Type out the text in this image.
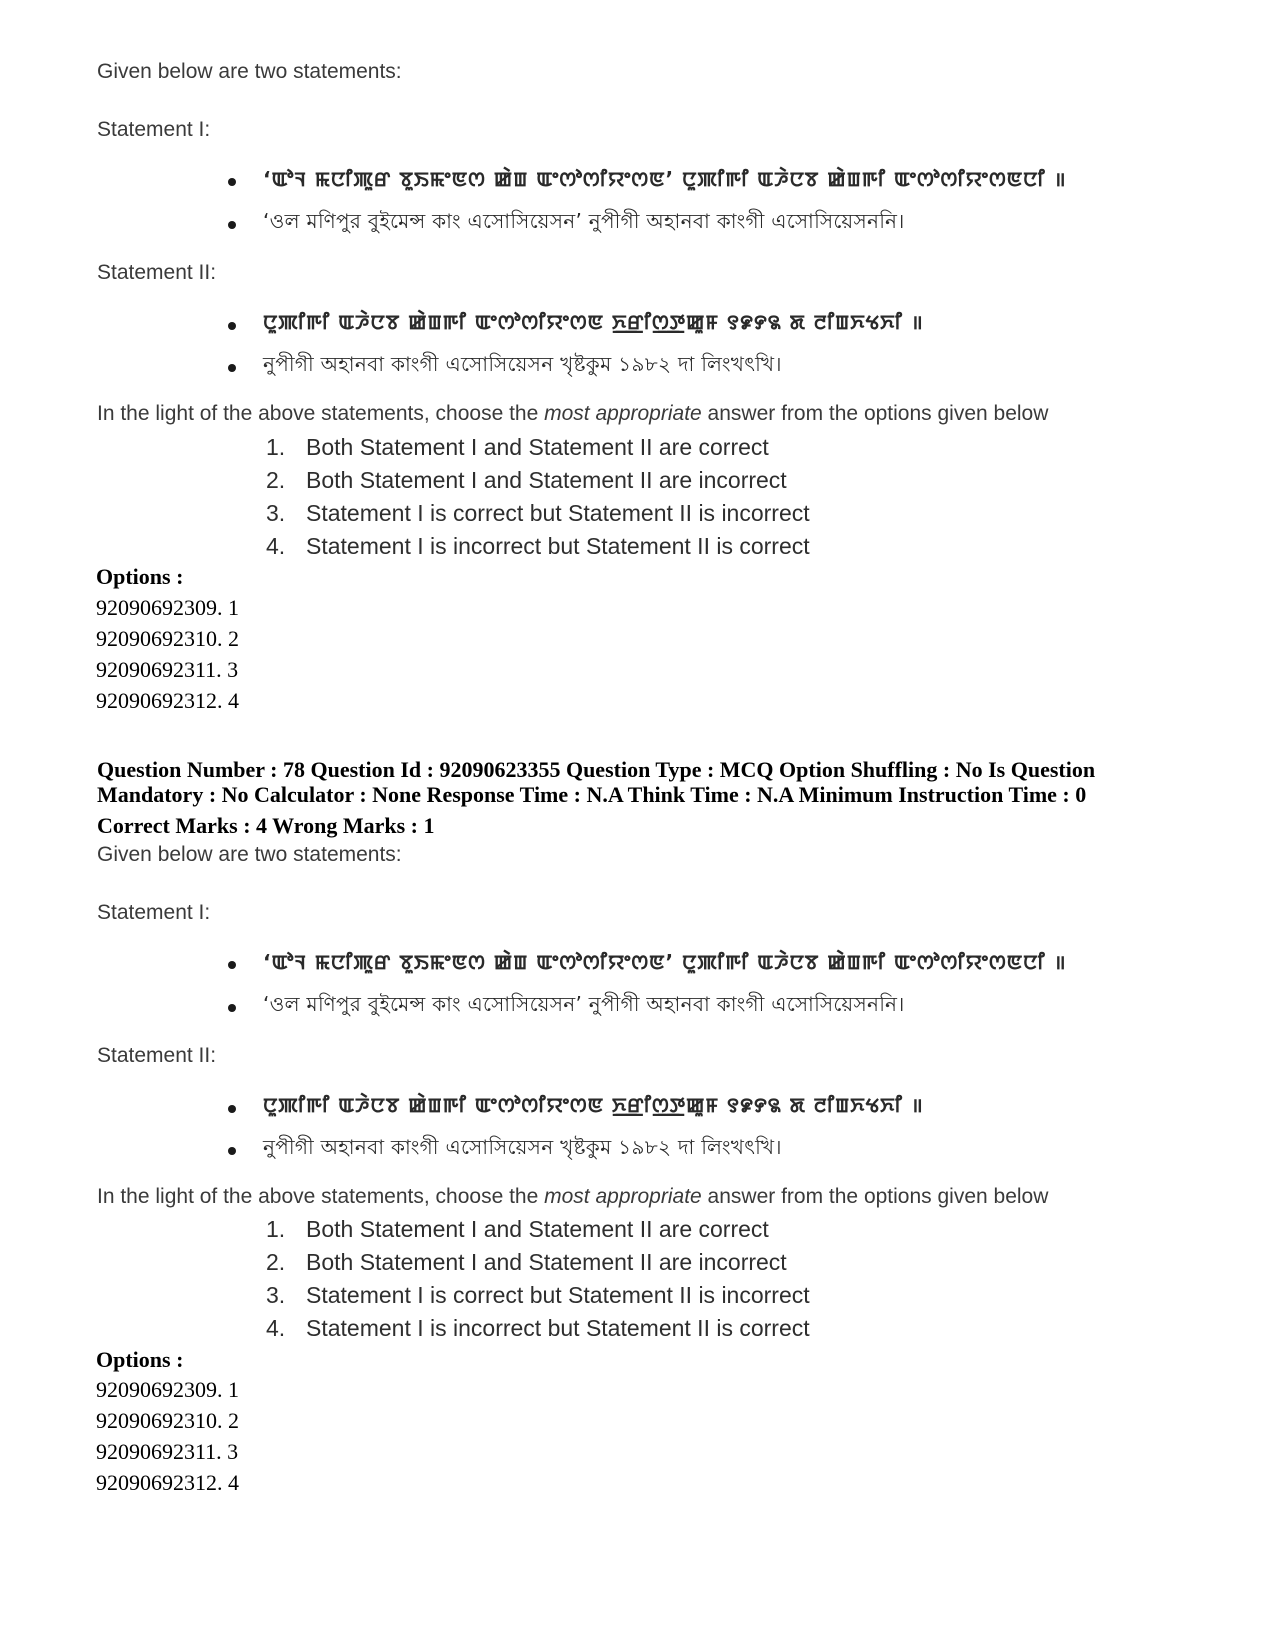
Given below are two statements:
Statement I:
‘ꯑꯣꯜ ꯃꯅꯤꯄꯨꯔ ꯕꯨꯏꯃꯦꯟꯁ ꯀꯥꯡ ꯑꯦꯁꯣꯁꯤꯌꯦꯁꯟ’ ꯅꯨꯄꯤꯒꯤ ꯑꯍꯥꯅꯕ ꯀꯥꯡꯒꯤ ꯑꯦꯁꯣꯁꯤꯌꯦꯁꯟꯅꯤ ॥
‘ওল মণিপুর বুইমেন্স কাং এসোসিয়েসন’ নুপীগী অহানবা কাংগী এসোসিয়েসননি।
Statement II:
ꯅꯨꯄꯤꯒꯤ ꯑꯍꯥꯅꯕ ꯀꯥꯡꯒꯤ ꯑꯦꯁꯣꯁꯤꯌꯦꯁꯟ ꯈ꯭ꯔꯤꯁ꯭ꯇꯀꯨꯝ ꯱꯹꯸꯲ ꯗ ꯂꯤꯡꯈꯠꯈꯤ ॥
নুপীগী অহানবা কাংগী এসোসিয়েসন খৃষ্টকুম ১৯৮২ দা লিংখৎখি।
In the light of the above statements, choose the most appropriate answer from the options given below
1. Both Statement I and Statement II are correct
2. Both Statement I and Statement II are incorrect
3. Statement I is correct but Statement II is incorrect
4. Statement I is incorrect but Statement II is correct
Options :
92090692309. 1
92090692310. 2
92090692311. 3
92090692312. 4
Question Number : 78 Question Id : 92090623355 Question Type : MCQ Option Shuffling : No Is Question
Mandatory : No Calculator : None Response Time : N.A Think Time : N.A Minimum Instruction Time : 0
Correct Marks : 4 Wrong Marks : 1
Given below are two statements:
Statement I:
‘ꯑꯣꯜ ꯃꯅꯤꯄꯨꯔ ꯕꯨꯏꯃꯦꯟꯁ ꯀꯥꯡ ꯑꯦꯁꯣꯁꯤꯌꯦꯁꯟ’ ꯅꯨꯄꯤꯒꯤ ꯑꯍꯥꯅꯕ ꯀꯥꯡꯒꯤ ꯑꯦꯁꯣꯁꯤꯌꯦꯁꯟꯅꯤ ॥
‘ওল মণিপুর বুইমেন্স কাং এসোসিয়েসন’ নুপীগী অহানবা কাংগী এসোসিয়েসননি।
Statement II:
ꯅꯨꯄꯤꯒꯤ ꯑꯍꯥꯅꯕ ꯀꯥꯡꯒꯤ ꯑꯦꯁꯣꯁꯤꯌꯦꯁꯟ ꯈ꯭ꯔꯤꯁ꯭ꯇꯀꯨꯝ ꯱꯹꯸꯲ ꯗ ꯂꯤꯡꯈꯠꯈꯤ ॥
নুপীগী অহানবা কাংগী এসোসিয়েসন খৃষ্টকুম ১৯৮২ দা লিংখৎখি।
In the light of the above statements, choose the most appropriate answer from the options given below
1. Both Statement I and Statement II are correct
2. Both Statement I and Statement II are incorrect
3. Statement I is correct but Statement II is incorrect
4. Statement I is incorrect but Statement II is correct
Options :
92090692309. 1
92090692310. 2
92090692311. 3
92090692312. 4
